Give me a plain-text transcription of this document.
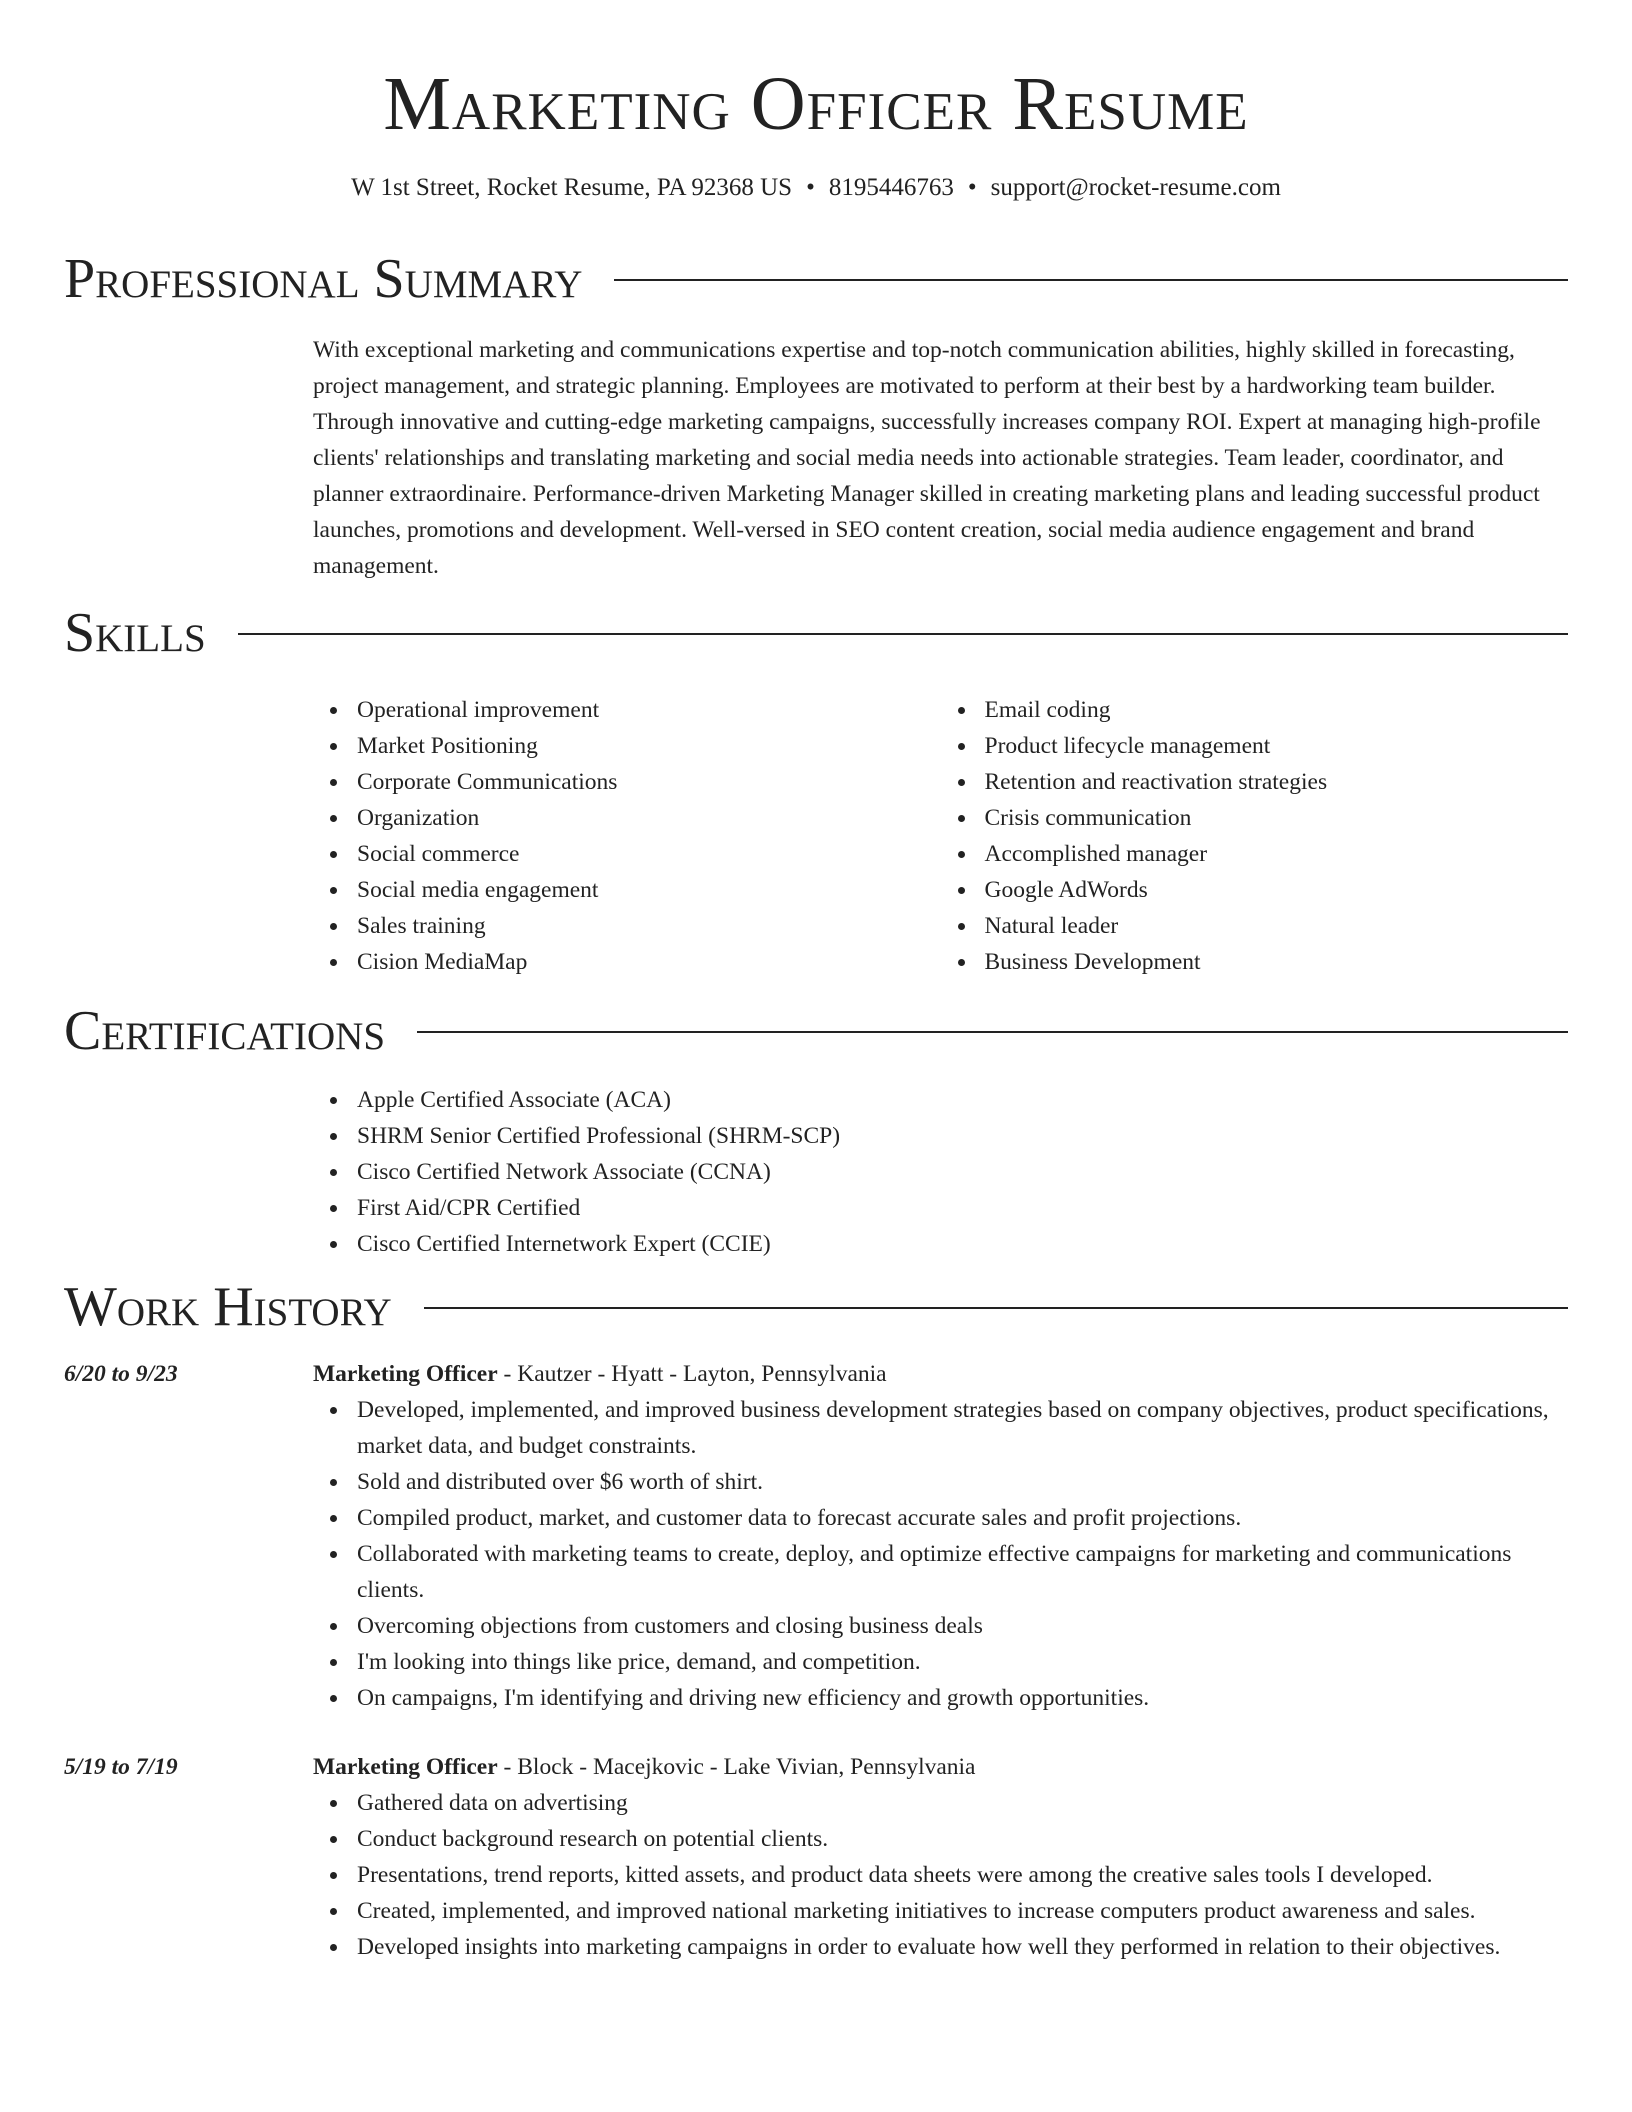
Marketing Officer Resume
W 1st Street, Rocket Resume, PA 92368 US • 8195446763 • support@rocket-resume.com
Professional Summary
With exceptional marketing and communications expertise and top-notch communication abilities, highly skilled in forecasting, project management, and strategic planning. Employees are motivated to perform at their best by a hardworking team builder. Through innovative and cutting-edge marketing campaigns, successfully increases company ROI. Expert at managing high-profile clients' relationships and translating marketing and social media needs into actionable strategies. Team leader, coordinator, and planner extraordinaire. Performance-driven Marketing Manager skilled in creating marketing plans and leading successful product launches, promotions and development. Well-versed in SEO content creation, social media audience engagement and brand management.
Skills
Operational improvement
Market Positioning
Corporate Communications
Organization
Social commerce
Social media engagement
Sales training
Cision MediaMap
Email coding
Product lifecycle management
Retention and reactivation strategies
Crisis communication
Accomplished manager
Google AdWords
Natural leader
Business Development
Certifications
Apple Certified Associate (ACA)
SHRM Senior Certified Professional (SHRM-SCP)
Cisco Certified Network Associate (CCNA)
First Aid/CPR Certified
Cisco Certified Internetwork Expert (CCIE)
Work History
6/20 to 9/23	Marketing Officer - Kautzer - Hyatt - Layton, Pennsylvania
Developed, implemented, and improved business development strategies based on company objectives, product specifications, market data, and budget constraints.
Sold and distributed over $6 worth of shirt.
Compiled product, market, and customer data to forecast accurate sales and profit projections.
Collaborated with marketing teams to create, deploy, and optimize effective campaigns for marketing and communications clients.
Overcoming objections from customers and closing business deals
I'm looking into things like price, demand, and competition.
On campaigns, I'm identifying and driving new efficiency and growth opportunities.
5/19 to 7/19	Marketing Officer - Block - Macejkovic - Lake Vivian, Pennsylvania
Gathered data on advertising
Conduct background research on potential clients.
Presentations, trend reports, kitted assets, and product data sheets were among the creative sales tools I developed.
Created, implemented, and improved national marketing initiatives to increase computers product awareness and sales.
Developed insights into marketing campaigns in order to evaluate how well they performed in relation to their objectives.
